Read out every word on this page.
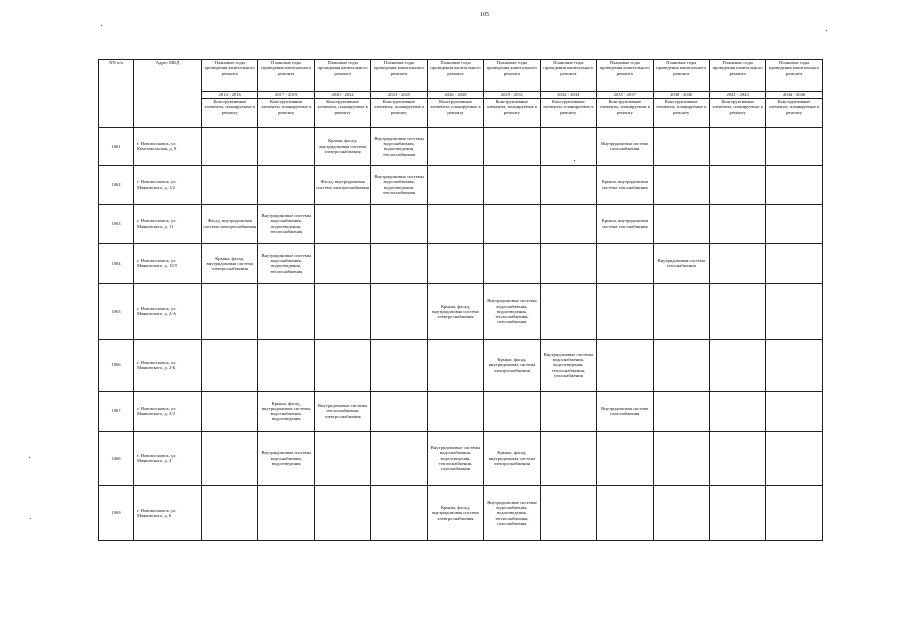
105
NN п/п	Адрес МКД	Плановые годы проведения капитального ремонта	Плановые годы проведения капитального ремонта	Плановые годы проведения капитального ремонта	Плановые годы проведения капитального ремонта	Плановые годы проведения капитального ремонта	Плановые годы проведения капитального ремонта	Плановые годы проведения капитального ремонта	Плановые годы проведения капитального ремонта	Плановые годы проведения капитального ремонта	Плановые годы проведения капитального ремонта	Плановые годы проведения капитального ремонта
		2014 - 2016	2017 - 2019	2020 - 2022	2023 - 2025	2026 - 2028	2029 - 2031	2032 - 2034	2035 - 2037	2038 - 2040	2041 - 2043	2044 - 2046
		Конструктивные элементы, планируемые к ремонту	Конструктивные элементы, планируемые к ремонту	Конструктивные элементы, планируемые к ремонту	Конструктивные элементы, планируемые к ремонту	Конструктивные элементы, планируемые к ремонту	Конструктивные элементы, планируемые к ремонту	Конструктивные элементы, планируемые к ремонту	Конструктивные элементы, планируемые к ремонту	Конструктивные элементы, планируемые к ремонту	Конструктивные элементы, планируемые к ремонту	Конструктивные элементы, планируемые к ремонту
1061	г. Новомосковск, ул. Комсомольская, д. 9			Крыша, фасад, внутридомовая система электроснабжения	Внутридомовые системы водоснабжения, водоотведения, теплоснабжения				Внутридомовая система газоснабжения			
1062	г. Новомосковск, ул. Маяковского, д. 1/2			Фасад, внутридомовая система электроснабжения	Внутридомовые системы водоснабжения, водоотведения, теплоснабжения				Крыша, внутридомовая система газоснабжения			
1063	г. Новомосковск, ул. Маяковского, д. 11	Фасад, внутридомовая система электроснабжения	Внутридомовые системы водоснабжения, водоотведения, теплоснабжения						Крыша, внутридомовая система газоснабжения			
1064	г. Новомосковск, ул. Маяковского, д. 15/5	Крыша, фасад, внутридомовая система электроснабжения	Внутридомовые системы водоснабжения, водоотведения, теплоснабжения							Внутридомовая система газоснабжения		
1065	г. Новомосковск, ул. Маяковского, д. 2-А					Крыша, фасад, внутридомовая система электроснабжения	Внутридомовые системы водоснабжения, водоотведения, теплоснабжения, газоснабжения					
1066	г. Новомосковск, ул. Маяковского, д. 2-Б						Крыша, фасад, внутридомовая система электроснабжения	Внутридомовые системы водоснабжения, водоотведения, теплоснабжения, газоснабжения				
1067	г. Новомосковск, ул. Маяковского, д. 3/3		Крыша, фасад, внутридомовые системы водоснабжения, водоотведения	Внутридомовые системы теплоснабжения, электроснабжения					Внутридомовая система газоснабжения			
1068	г. Новомосковск, ул. Маяковского, д. 4		Внутридомовые системы водоснабжения, водоотведения			Внутридомовые системы водоснабжения, водоотведения, теплоснабжения, газоснабжения	Крыша, фасад, внутридомовая система электроснабжения					
1069	г. Новомосковск, ул. Маяковского, д. 6					Крыша, фасад, внутридомовая система электроснабжения	Внутридомовые системы водоснабжения, водоотведения, теплоснабжения, газоснабжения					
